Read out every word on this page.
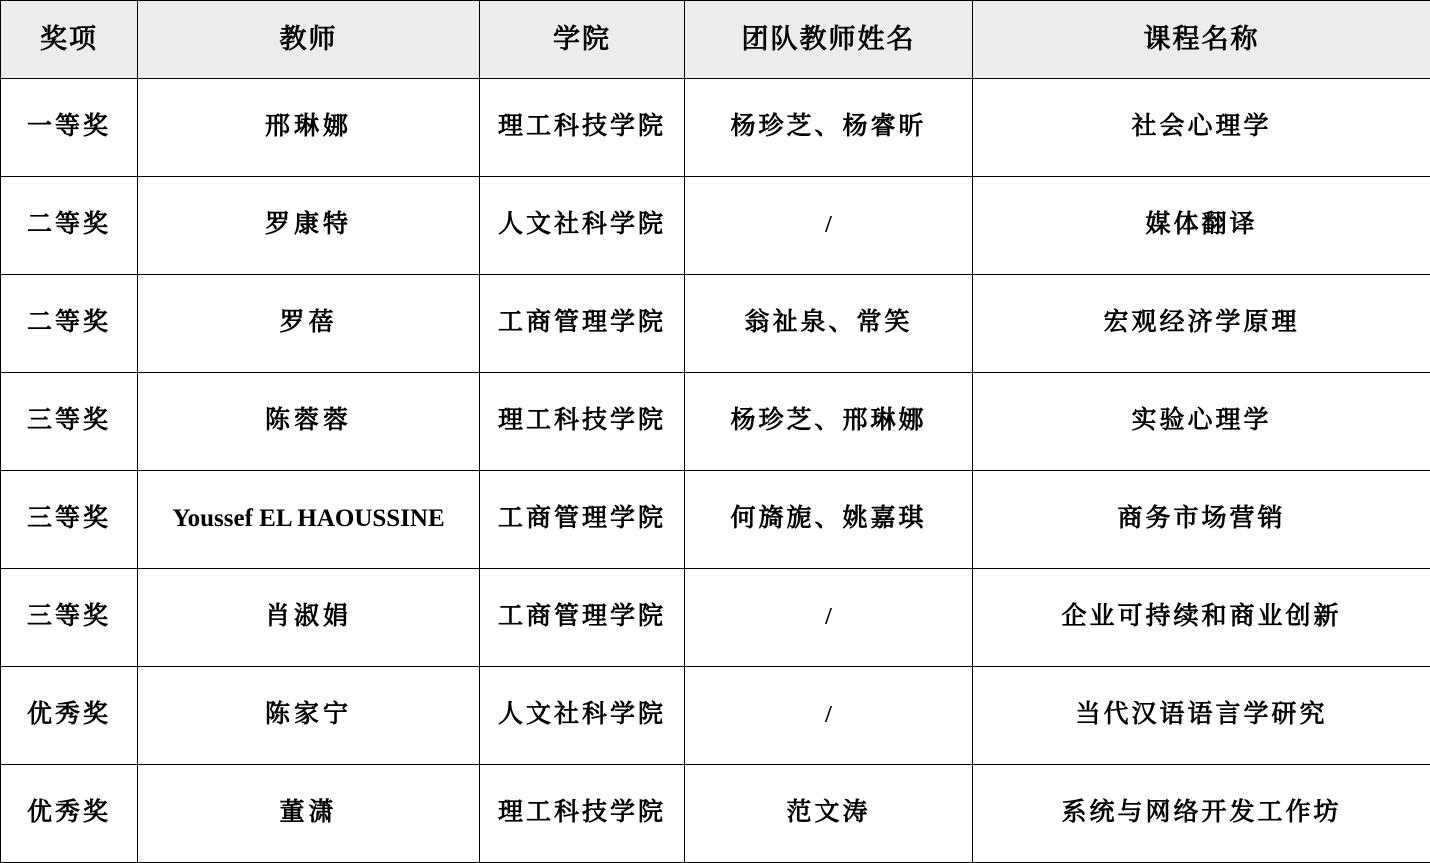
奖项	教师	学院	团队教师姓名	课程名称
一等奖	邢琳娜	理工科技学院	杨珍芝、杨睿昕	社会心理学
二等奖	罗康特	人文社科学院	/	媒体翻译
二等奖	罗蓓	工商管理学院	翁祉泉、常笑	宏观经济学原理
三等奖	陈蓉蓉	理工科技学院	杨珍芝、邢琳娜	实验心理学
三等奖	Youssef EL HAOUSSINE	工商管理学院	何旖旎、姚嘉琪	商务市场营销
三等奖	肖淑娟	工商管理学院	/	企业可持续和商业创新
优秀奖	陈家宁	人文社科学院	/	当代汉语语言学研究
优秀奖	董潇	理工科技学院	范文涛	系统与网络开发工作坊
